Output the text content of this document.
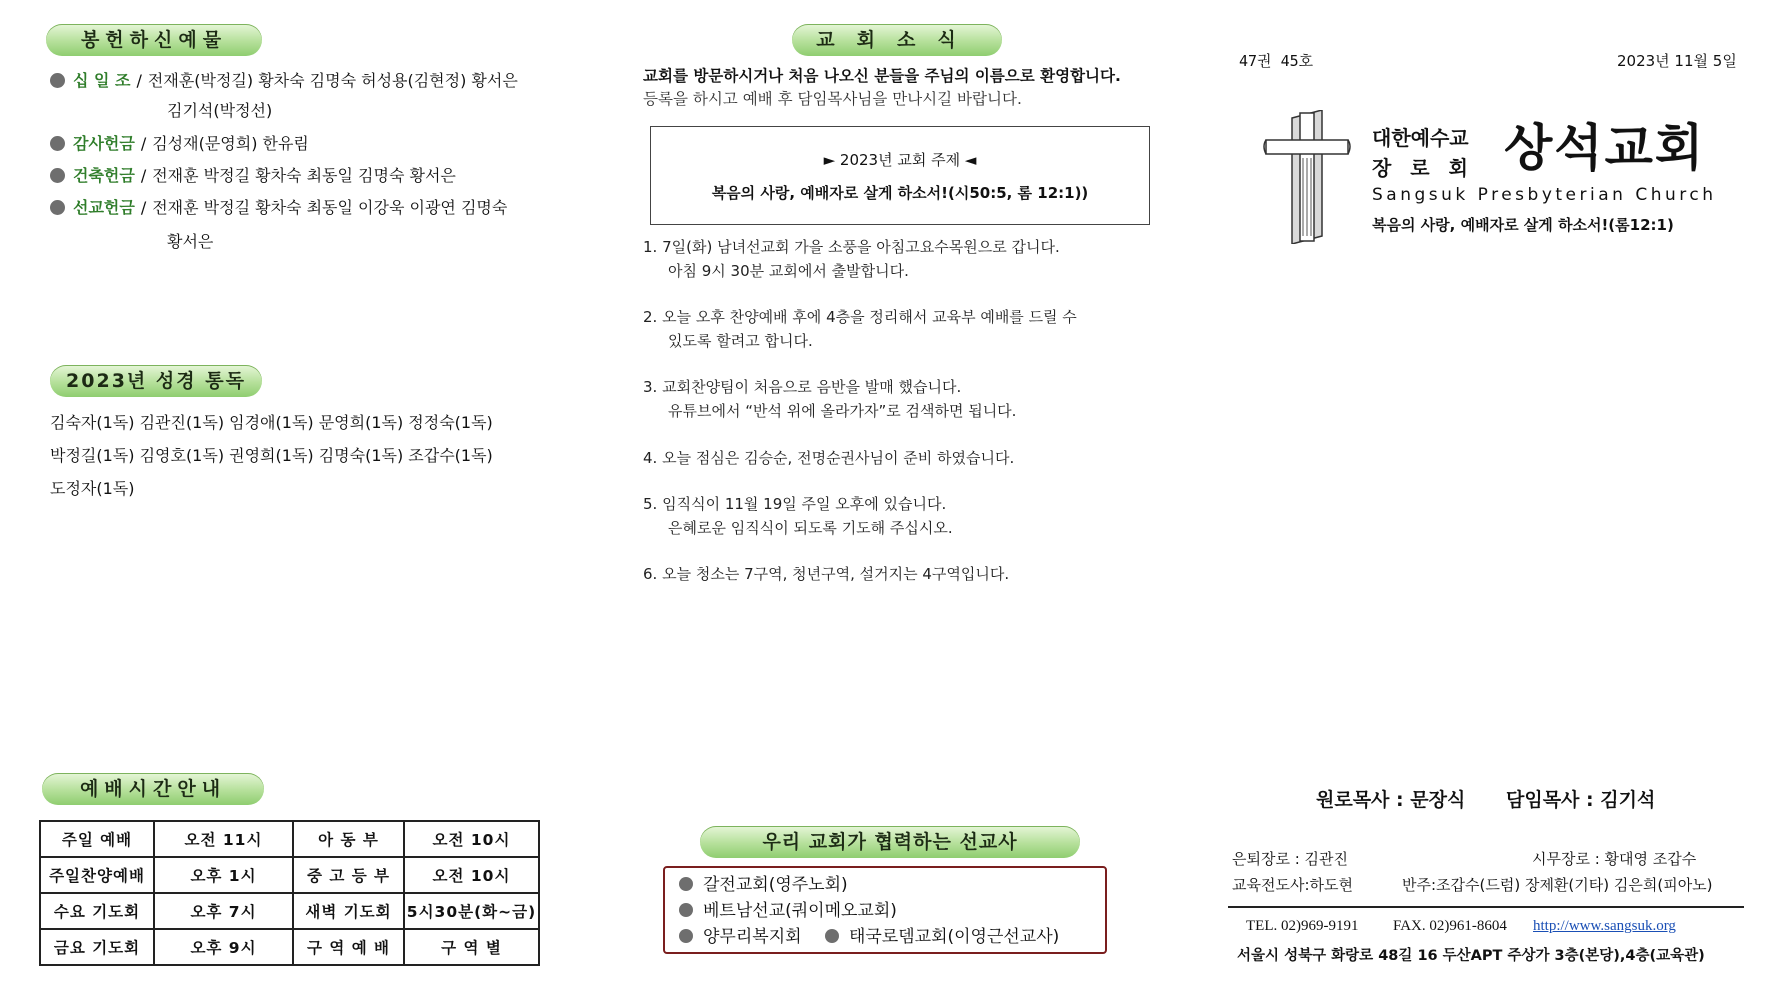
봉헌하신예물
십 일 조 / 전재훈(박정길) 황차숙 김명숙 허성용(김현정) 황서은
김기석(박정선)
감사헌금 / 김성재(문영희) 한유림
건축헌금 / 전재훈 박정길 황차숙 최동일 김명숙 황서은
선교헌금 / 전재훈 박정길 황차숙 최동일 이강욱 이광연 김명숙
황서은
2023년 성경 통독
김숙자(1독) 김관진(1독) 임경애(1독) 문영희(1독) 정정숙(1독)
박정길(1독) 김영호(1독) 권영희(1독) 김명숙(1독) 조갑수(1독)
도정자(1독)
예배시간안내
주일 예배	오전 11시	아 동 부	오전 10시
주일찬양예배	오후 1시	중 고 등 부	오전 10시
수요 기도회	오후 7시	새벽 기도회	5시30분(화~금)
금요 기도회	오후 9시	구 역 예 배	구 역 별
교회소식
교회를 방문하시거나 처음 나오신 분들을 주님의 이름으로 환영합니다.
등록을 하시고 예배 후 담임목사님을 만나시길 바랍니다.
► 2023년 교회 주제 ◄
복음의 사랑, 예배자로 살게 하소서!(시50:5, 롬 12:1))
1. 7일(화) 남녀선교회 가을 소풍을 아침고요수목원으로 갑니다.
아침 9시 30분 교회에서 출발합니다.
2. 오늘 오후 찬양예배 후에 4층을 정리해서 교육부 예배를 드릴 수
있도록 할려고 합니다.
3. 교회찬양팀이 처음으로 음반을 발매 했습니다.
유튜브에서 “반석 위에 올라가자”로 검색하면 됩니다.
4. 오늘 점심은 김승순, 전명순권사님이 준비 하였습니다.
5. 임직식이 11월 19일 주일 오후에 있습니다.
은혜로운 임직식이 되도록 기도해 주십시오.
6. 오늘 청소는 7구역, 청년구역, 설거지는 4구역입니다.
우리 교회가 협력하는 선교사
갈전교회(영주노회)
베트남선교(쿼이메오교회)
양무리복지회	태국로뎀교회(이영근선교사)
47권 45호	2023년 11월 5일
대한예수교
장 로 회 상석교회
Sangsuk Presbyterian Church
복음의 사랑, 예배자로 살게 하소서!(롬12:1)
원로목사 : 문장식 담임목사 : 김기석
은퇴장로 : 김관진	시무장로 : 황대영 조갑수
교육전도사:하도현	반주:조갑수(드럼) 장제환(기타) 김은희(피아노)
TEL. 02)969-9191 FAX. 02)961-8604 http://www.sangsuk.org
서울시 성북구 화랑로 48길 16 두산APT 주상가 3층(본당),4층(교육관)
